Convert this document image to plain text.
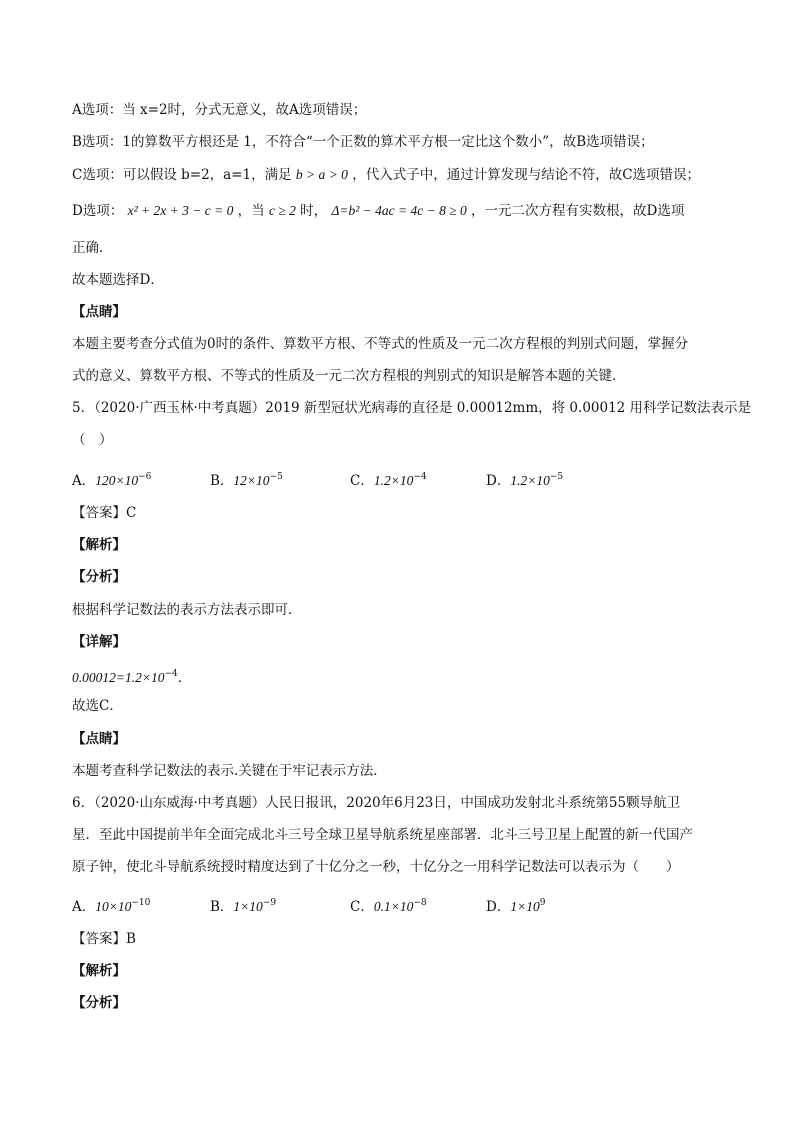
A选项：当 x=2时，分式无意义，故A选项错误；
B选项：1的算数平方根还是 1，不符合“一个正数的算术平方根一定比这个数小”，故B选项错误；
C选项：可以假设 b=2，a=1，满足 b > a > 0 ，代入式子中，通过计算发现与结论不符，故C选项错误；
D选项： x² + 2x + 3 − c = 0 ，当 c ≥ 2 时， Δ=b² − 4ac = 4c − 8 ≥ 0 ，一元二次方程有实数根，故D选项
正确．
故本题选择D．
【点睛】
本题主要考查分式值为0时的条件、算数平方根、不等式的性质及一元二次方程根的判别式问题，掌握分
式的意义、算数平方根、不等式的性质及一元二次方程根的判别式的知识是解答本题的关键．
5．（2020·广西玉林·中考真题）2019 新型冠状光病毒的直径是 0.00012mm，将 0.00012 用科学记数法表示是
（　）
A．$120\times 10^{-6}$	B．$12\times 10^{-5}$	C．$1.2\times 10^{-4}$	D．$1.2\times 10^{-5}$
【答案】C
【解析】
【分析】
根据科学记数法的表示方法表示即可．
【详解】
$0.00012=1.2\times 10^{-4}$．
故选C．
【点睛】
本题考查科学记数法的表示.关键在于牢记表示方法．
6．（2020·山东威海·中考真题）人民日报讯，2020年6月23日，中国成功发射北斗系统第55颗导航卫
星．至此中国提前半年全面完成北斗三号全球卫星导航系统星座部署．北斗三号卫星上配置的新一代国产
原子钟，使北斗导航系统授时精度达到了十亿分之一秒，十亿分之一用科学记数法可以表示为（　　）
A．$10\times 10^{-10}$	B．$1\times 10^{-9}$	C．$0.1\times 10^{-8}$	D．$1\times 10^9$
【答案】B
【解析】
【分析】
